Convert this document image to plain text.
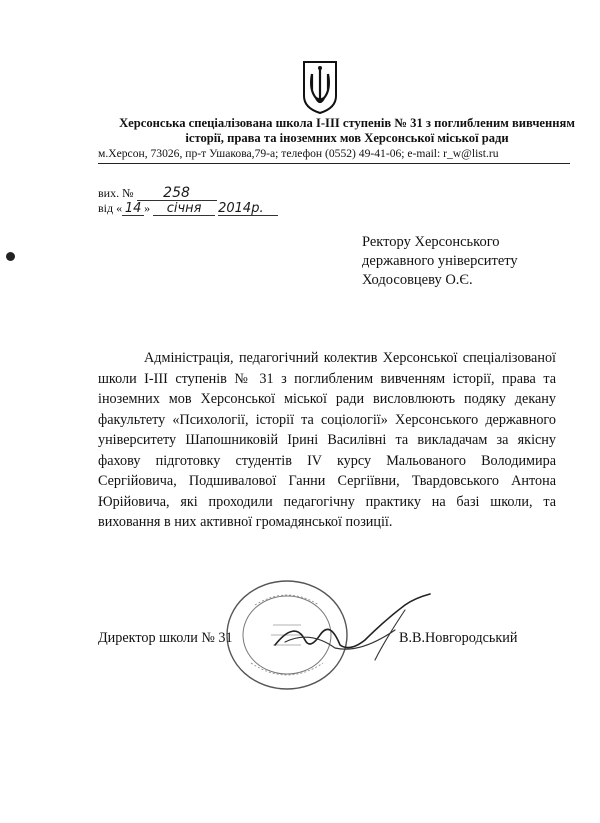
Херсонська спеціалізована школа І-ІІІ ступенів № 31 з поглибленим вивченням
історії, права та іноземних мов Херсонської міської ради
м.Херсон, 73026, пр-т Ушакова,79-а; телефон (0552) 49-41-06; e-mail: r_w@list.ru
вих. № 258
від « 14 » січня 2014р.
Ректору Херсонського
державного університету
Ходосовцеву О.Є.

Адміністрація, педагогічний колектив Херсонської спеціалізованої школи І-ІІІ ступенів № 31 з поглибленим вивченням історії, права та іноземних мов Херсонської міської ради висловлюють подяку декану факультету «Психології, історії та соціології» Херсонського державного університету Шапошниковій Ірині Василівні та викладачам за якісну фахову підготовку студентів IV курсу Мальованого Володимира Сергійовича, Подшивалової Ганни Сергіївни, Твардовського Антона Юрійовича, які проходили педагогічну практику на базі школи, та виховання в них активної громадянської позиції.

Директор школи № 31	В.В.Новгородський
